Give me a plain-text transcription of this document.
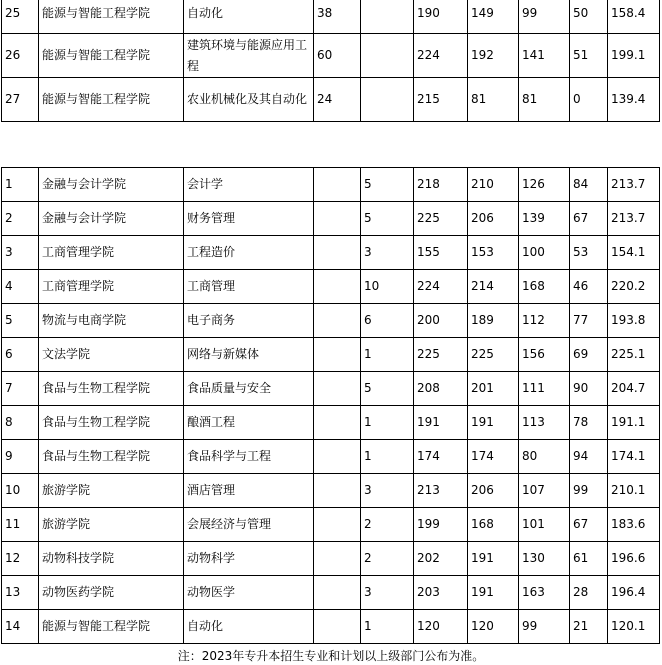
25	能源与智能工程学院	自动化	38		190	149	99	50	158.4
26	能源与智能工程学院	建筑环境与能源应用工程	60		224	192	141	51	199.1
27	能源与智能工程学院	农业机械化及其自动化	24		215	81	81	0	139.4
1	金融与会计学院	会计学		5	218	210	126	84	213.7
2	金融与会计学院	财务管理		5	225	206	139	67	213.7
3	工商管理学院	工程造价		3	155	153	100	53	154.1
4	工商管理学院	工商管理		10	224	214	168	46	220.2
5	物流与电商学院	电子商务		6	200	189	112	77	193.8
6	文法学院	网络与新媒体		1	225	225	156	69	225.1
7	食品与生物工程学院	食品质量与安全		5	208	201	111	90	204.7
8	食品与生物工程学院	酿酒工程		1	191	191	113	78	191.1
9	食品与生物工程学院	食品科学与工程		1	174	174	80	94	174.1
10	旅游学院	酒店管理		3	213	206	107	99	210.1
11	旅游学院	会展经济与管理		2	199	168	101	67	183.6
12	动物科技学院	动物科学		2	202	191	130	61	196.6
13	动物医药学院	动物医学		3	203	191	163	28	196.4
14	能源与智能工程学院	自动化		1	120	120	99	21	120.1
注：2023年专升本招生专业和计划以上级部门公布为准。
